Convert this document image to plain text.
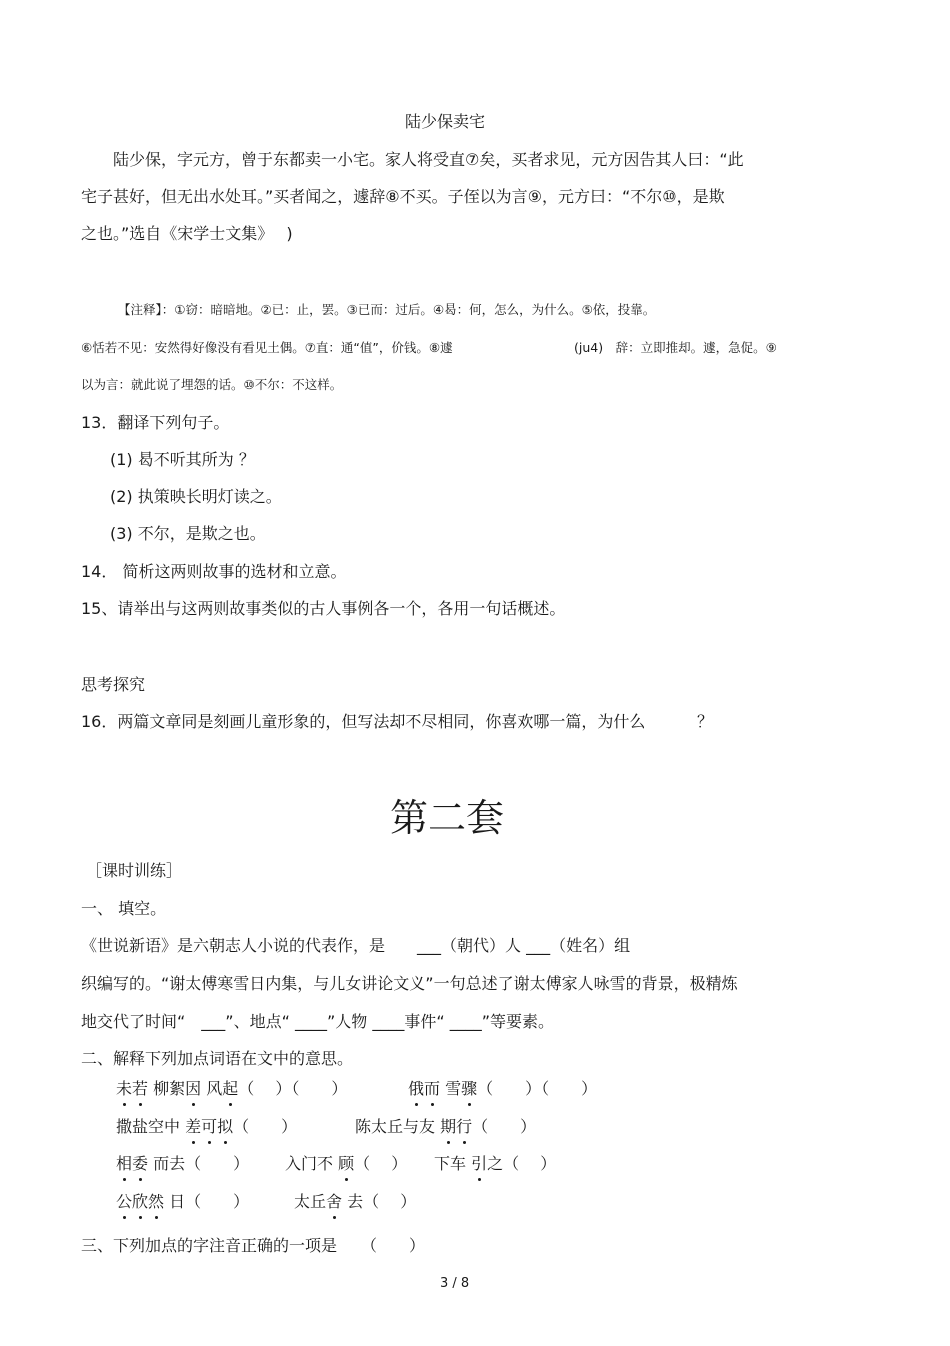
陆少保卖宅
陆少保，字元方，曾于东都卖一小宅。家人将受直⑦矣，买者求见，元方因告其人曰：“此
宅子甚好，但无出水处耳。”买者闻之，遽辞⑧不买。子侄以为言⑨，元方曰：“不尔⑩，是欺
之也。”选自《宋学士文集》　 )
【注释】：①窃：暗暗地。②已：止，罢。③已而：过后。④曷：何，怎么，为什么。⑤依，投靠。
⑥恬若不见：安然得好像没有看见土偶。⑦直：通“值”，价钱。⑧遽	(ju4)　辞：立即推却。遽，急促。⑨
以为言：就此说了埋怨的话。⑩不尔：不这样。
13．翻译下列句子。
(1) 曷不听其所为 ？
(2) 执策映长明灯读之。
(3) 不尔，是欺之也。
14． 简析这两则故事的选材和立意。
15、请举出与这两则故事类似的古人事例各一个，各用一句话概述。
思考探究
16．两篇文章同是刻画儿童形象的，但写法却不尽相同，你喜欢哪一篇，为什么	？
第二套
［课时训练］
一、 填空。
《世说新语》是六朝志人小说的代表作，是　　___（朝代）人 ___（姓名）组
织编写的。“谢太傅寒雪日内集，与儿女讲论文义”一句总述了谢太傅家人咏雪的背景，极精炼
地交代了时间“　___”、地点“ ____”人物 ____事件“ ____”等要素。
二、解释下列加点词语在文中的意思。
未若 柳絮因 风起（　 ）（　　）	俄而 雪骤（　　）（　　）
撒盐空中 差可拟（　　）	陈太丘与友 期行（　　）
相委 而去（　　） 入门不 顾（　 ） 下车 引之（　 ）
公欣然 日（　　）	太丘舍 去（　 ）
三、下列加点的字注音正确的一项是　　（　　）
3 / 8
